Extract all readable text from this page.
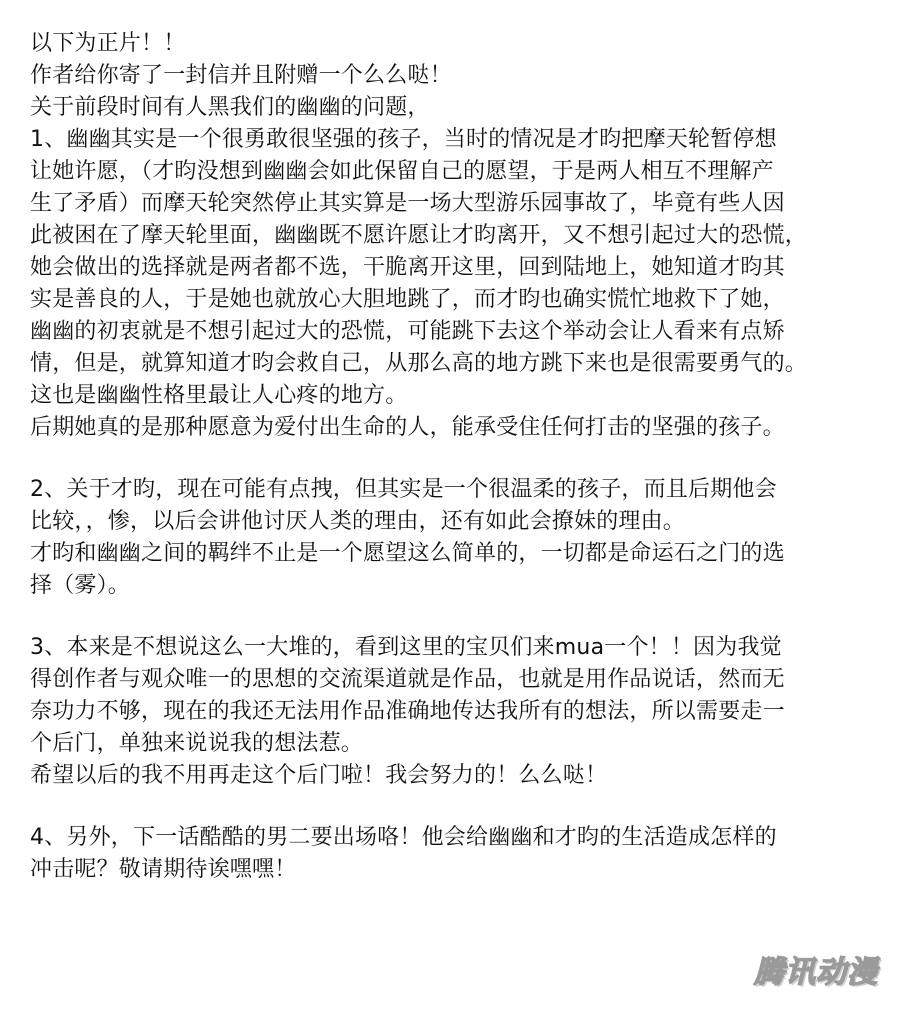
以下为正片！！
作者给你寄了一封信并且附赠一个么么哒！
关于前段时间有人黑我们的幽幽的问题，
1、幽幽其实是一个很勇敢很坚强的孩子，当时的情况是才昀把摩天轮暂停想
让她许愿，（才昀没想到幽幽会如此保留自己的愿望，于是两人相互不理解产
生了矛盾）而摩天轮突然停止其实算是一场大型游乐园事故了，毕竟有些人因
此被困在了摩天轮里面，幽幽既不愿许愿让才昀离开，又不想引起过大的恐慌，
她会做出的选择就是两者都不选，干脆离开这里，回到陆地上，她知道才昀其
实是善良的人，于是她也就放心大胆地跳了，而才昀也确实慌忙地救下了她，
幽幽的初衷就是不想引起过大的恐慌，可能跳下去这个举动会让人看来有点矫
情，但是，就算知道才昀会救自己，从那么高的地方跳下来也是很需要勇气的。
这也是幽幽性格里最让人心疼的地方。
后期她真的是那种愿意为爱付出生命的人，能承受住任何打击的坚强的孩子。
2、关于才昀，现在可能有点拽，但其实是一个很温柔的孩子，而且后期他会
比较，，惨，以后会讲他讨厌人类的理由，还有如此会撩妹的理由。
才昀和幽幽之间的羁绊不止是一个愿望这么简单的，一切都是命运石之门的选
择（雾）。
3、本来是不想说这么一大堆的，看到这里的宝贝们来mua一个！！因为我觉
得创作者与观众唯一的思想的交流渠道就是作品，也就是用作品说话，然而无
奈功力不够，现在的我还无法用作品准确地传达我所有的想法，所以需要走一
个后门，单独来说说我的想法惹。
希望以后的我不用再走这个后门啦！我会努力的！么么哒！
4、另外，下一话酷酷的男二要出场咯！他会给幽幽和才昀的生活造成怎样的
冲击呢？敬请期待诶嘿嘿！
腾讯动漫
